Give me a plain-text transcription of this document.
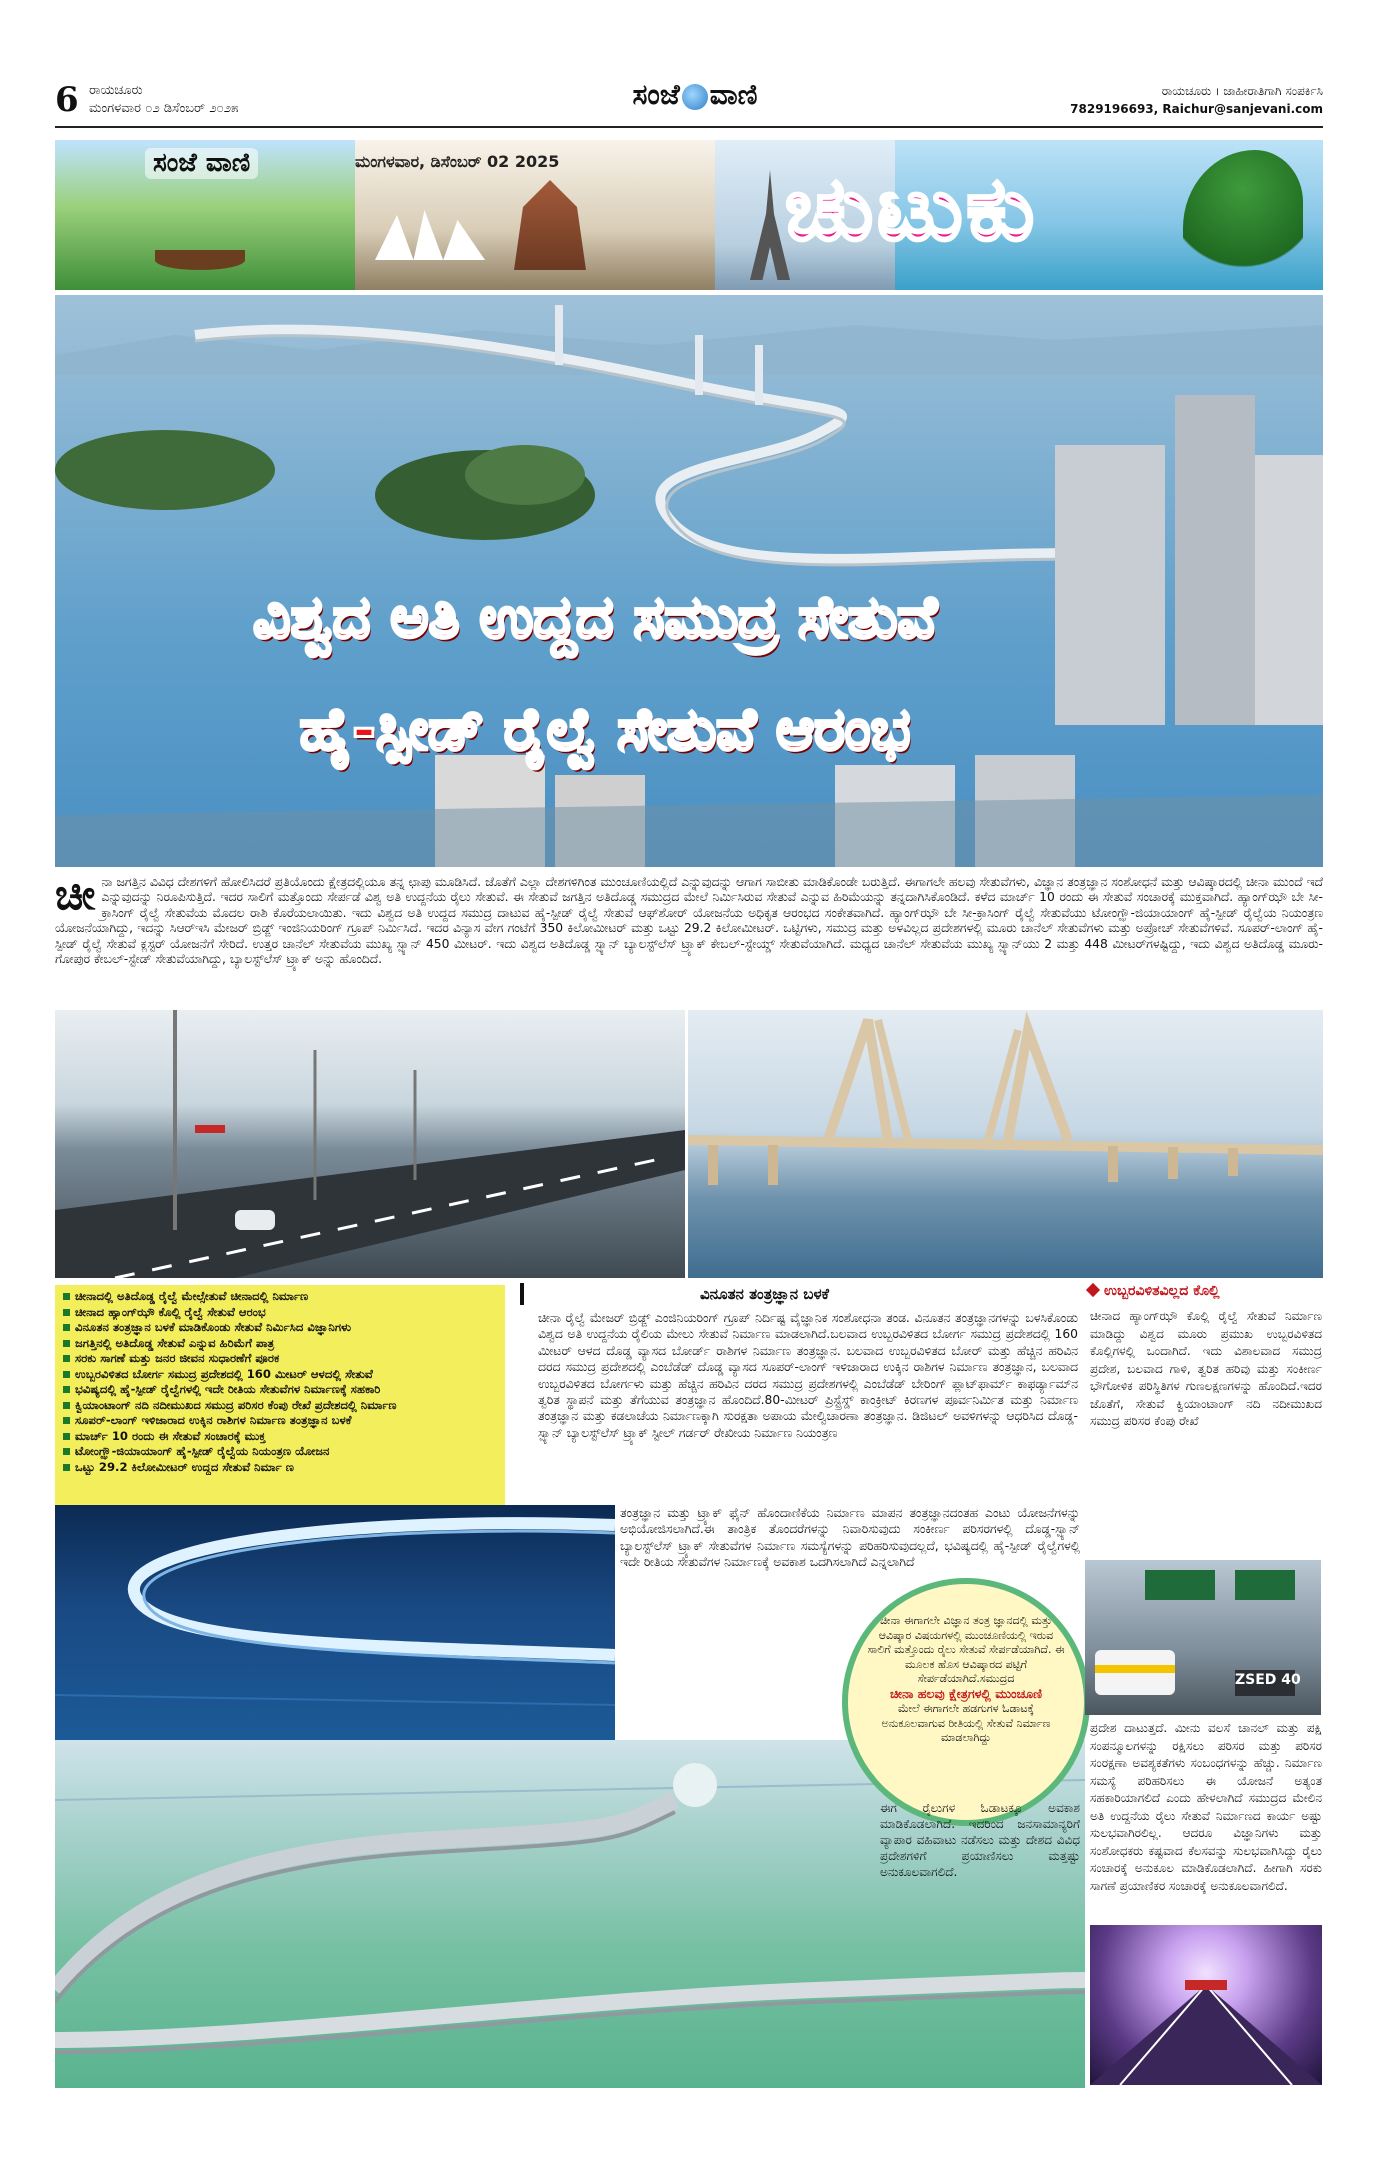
6 ರಾಯಚೂರು
ಮಂಗಳವಾರ ೦೨ ಡಿಸೆಂಬರ್ ೨೦೨೫	ಸಂಜೆ ವಾಣಿ	ರಾಯಚೂರು । ಜಾಹೀರಾತಿಗಾಗಿ ಸಂಪರ್ಕಿಸಿ
7829196693, Raichur@sanjevani.com
ಸಂಜೆ ವಾಣಿ	ಮಂಗಳವಾರ, ಡಿಸೆಂಬರ್ 02 2025	ಚುಟುಕು
ವಿಶ್ವದ ಅತಿ ಉದ್ದದ ಸಮುದ್ರ ಸೇತುವೆ
ಹೈ-ಸ್ಪೀಡ್ ರೈಲ್ವೆ ಸೇತುವೆ ಆರಂಭ
ಚೀ ನಾ ಜಗತ್ತಿನ ವಿವಿಧ ದೇಶಗಳಿಗೆ ಹೋಲಿಸಿದರೆ ಪ್ರತಿಯೊಂದು ಕ್ಷೇತ್ರದಲ್ಲಿಯೂ ತನ್ನ ಛಾಪು ಮೂಡಿಸಿದೆ. ಜೊತೆಗೆ ಎಲ್ಲಾ ದೇಶಗಳಿಗಿಂತ ಮುಂಚೂಣಿಯಲ್ಲಿದೆ ಎನ್ನುವುದನ್ನು ಆಗಾಗ ಸಾಬೀತು ಮಾಡಿಕೊಂಡೇ ಬರುತ್ತಿದೆ. ಈಗಾಗಲೇ ಹಲವು ಸೇತುವೆಗಳು, ವಿಜ್ಞಾನ ತಂತ್ರಜ್ಞಾನ ಸಂಶೋಧನೆ ಮತ್ತು ಆವಿಷ್ಕಾರದಲ್ಲಿ ಚೀನಾ ಮುಂದೆ ಇದೆ ಎನ್ನುವುದನ್ನು ನಿರೂಪಿಸುತ್ತಿದೆ. ಇದರ ಸಾಲಿಗೆ ಮತ್ತೊಂದು ಸೇರ್ಪಡೆ ವಿಶ್ವ ಅತಿ ಉದ್ದನೆಯ ರೈಲು ಸೇತುವೆ. ಈ ಸೇತುವೆ ಜಗತ್ತಿನ ಅತಿದೊಡ್ಡ ಸಮುದ್ರದ ಮೇಲೆ ನಿರ್ಮಿಸಿರುವ ಸೇತುವೆ ಎನ್ನುವ ಹಿರಿಮೆಯನ್ನು ತನ್ನದಾಗಿಸಿಕೊಂಡಿದೆ. ಕಳೆದ ಮಾರ್ಚ್ 10 ರಂದು ಈ ಸೇತುವೆ ಸಂಚಾರಕ್ಕೆ ಮುಕ್ತವಾಗಿದೆ. ಹ್ಯಾಂಗ್‌ಝೌ ಬೇ ಸೀ-ಕ್ರಾಸಿಂಗ್ ರೈಲ್ವೆ ಸೇತುವೆಯ ಮೊದಲ ರಾಶಿ ಕೊರೆಯಲಾಯಿತು. ಇದು ವಿಶ್ವದ ಅತಿ ಉದ್ದದ ಸಮುದ್ರ ದಾಟುವ ಹೈ-ಸ್ಪೀಡ್ ರೈಲ್ವೆ ಸೇತುವೆ ಆಫ್‌ಶೋರ್ ಯೋಜನೆಯ ಅಧಿಕೃತ ಆರಂಭದ ಸಂಕೇತವಾಗಿದೆ. ಹ್ಯಾಂಗ್‌ಝೌ ಬೇ ಸೀ-ಕ್ರಾಸಿಂಗ್ ರೈಲ್ವೆ ಸೇತುವೆಯು ಟೋಂಗ್ಝೌ-ಜಿಯಾಯಾಂಗ್ ಹೈ-ಸ್ಪೀಡ್ ರೈಲ್ವೆಯ ನಿಯಂತ್ರಣ ಯೋಜನೆಯಾಗಿದ್ದು, ಇದನ್ನು ಸಿಆರ್‌ಇಸಿ ಮೇಜರ್ ಬ್ರಿಡ್ಜ್ ಇಂಜಿನಿಯರಿಂಗ್ ಗ್ರೂಪ್ ನಿರ್ಮಿಸಿದೆ. ಇದರ ವಿನ್ಯಾಸ ವೇಗ ಗಂಟೆಗೆ 350 ಕಿಲೋಮೀಟರ್ ಮತ್ತು ಒಟ್ಟು 29.2 ಕಿಲೋಮೀಟರ್. ಒಟ್ಟಿಗಳು, ಸಮುದ್ರ ಮತ್ತು ಅಳವಿಲ್ಲದ ಪ್ರದೇಶಗಳಲ್ಲಿ ಮೂರು ಚಾನೆಲ್ ಸೇತುವೆಗಳು ಮತ್ತು ಅಪ್ರೋಚ್ ಸೇತುವೆಗಳಿವೆ. ಸೂಪರ್-ಲಾಂಗ್ ಹೈ-ಸ್ಪೀಡ್ ರೈಲ್ವೆ ಸೇತುವೆ ಕ್ಲಸ್ಟರ್ ಯೋಜನೆಗೆ ಸೇರಿದೆ. ಉತ್ತರ ಚಾನೆಲ್ ಸೇತುವೆಯ ಮುಖ್ಯ ಸ್ಪ್ಯಾನ್ 450 ಮೀಟರ್. ಇದು ವಿಶ್ವದ ಅತಿದೊಡ್ಡ ಸ್ಪ್ಯಾನ್ ಬ್ಯಾಲಸ್ಟ್‌ಲೆಸ್ ಟ್ರ್ಯಾಕ್ ಕೇಬಲ್-ಸ್ಟೇಯ್ಡ್ ಸೇತುವೆಯಾಗಿದೆ. ಮಧ್ಯದ ಚಾನೆಲ್ ಸೇತುವೆಯ ಮುಖ್ಯ ಸ್ಪ್ಯಾನ್‌ಯು 2 ಮತ್ತು 448 ಮೀಟರ್‌ಗಳಷ್ಟಿದ್ದು, ಇದು ವಿಶ್ವದ ಅತಿದೊಡ್ಡ ಮೂರು-ಗೋಪುರ ಕೇಬಲ್-ಸ್ಟೇಡ್ ಸೇತುವೆಯಾಗಿದ್ದು, ಬ್ಯಾಲಸ್ಟ್‌ಲೆಸ್ ಟ್ರ್ಯಾಕ್ ಅನ್ನು ಹೊಂದಿದೆ.
ಚೀನಾದಲ್ಲಿ ಅತಿದೊಡ್ಡ ರೈಲ್ವೆ ಮೇಲ್ಸೇತುವೆ ಚೀನಾದಲ್ಲಿ ನಿರ್ಮಾಣ
ಚೀನಾದ ಹ್ಯಾಂಗ್‌ಝೌ ಕೊಲ್ಲಿ ರೈಲ್ವೆ ಸೇತುವೆ ಆರಂಭ
ವಿನೂತನ ತಂತ್ರಜ್ಞಾನ ಬಳಕೆ ಮಾಡಿಕೊಂಡು ಸೇತುವೆ ನಿರ್ಮಿಸಿದ ವಿಜ್ಞಾನಿಗಳು
ಜಗತ್ತಿನಲ್ಲಿ ಅತಿದೊಡ್ಡ ಸೇತುವೆ ಎನ್ನುವ ಹಿರಿಮೆಗೆ ಪಾತ್ರ
ಸರಕು ಸಾಗಣೆ ಮತ್ತು ಜನರ ಜೀವನ ಸುಧಾರಣೆಗೆ ಪೂರಕ
ಉಬ್ಬರವಿಳಿತದ ಬೋರ್ಗ ಸಮುದ್ರ ಪ್ರದೇಶದಲ್ಲಿ 160 ಮೀಟರ್ ಆಳದಲ್ಲಿ ಸೇತುವೆ
ಭವಿಷ್ಯದಲ್ಲಿ ಹೈ-ಸ್ಪೀಡ್ ರೈಲ್ವೆಗಳಲ್ಲಿ ಇದೇ ರೀತಿಯ ಸೇತುವೆಗಳ ನಿರ್ಮಾಣಕ್ಕೆ ಸಹಕಾರಿ
ಕ್ವಿಯಾಂಟಾಂಗ್ ನದಿ ನದೀಮುಖದ ಸಮುದ್ರ ಪರಿಸರ ಕೆಂಪು ರೇಖೆ ಪ್ರದೇಶದಲ್ಲಿ ನಿರ್ಮಾಣ
ಸೂಪರ್-ಲಾಂಗ್ ಇಳಿಜಾರಾದ ಉಕ್ಕಿನ ರಾಶಿಗಳ ನಿರ್ಮಾಣ ತಂತ್ರಜ್ಞಾನ ಬಳಕೆ
ಮಾರ್ಚ್ 10 ರಂದು ಈ ಸೇತುವೆ ಸಂಚಾರಕ್ಕೆ ಮುಕ್ತ
ಟೋಂಗ್ಝೌ-ಜಿಯಾಯಾಂಗ್ ಹೈ-ಸ್ಪೀಡ್ ರೈಲ್ವೆಯ ನಿಯಂತ್ರಣ ಯೋಜನ
ಒಟ್ಟು 29.2 ಕಿಲೋಮೀಟರ್ ಉದ್ದದ ಸೇತುವೆ ನಿರ್ಮಾ ಣ
ವಿನೂತನ ತಂತ್ರಜ್ಞಾನ ಬಳಕೆ
ಚೀನಾ ರೈಲ್ವೆ ಮೇಜರ್ ಬ್ರಿಡ್ಜ್ ಎಂಜಿನಿಯರಿಂಗ್ ಗ್ರೂಪ್ ನಿರ್ದಿಷ್ಟ ವೈಜ್ಞಾನಿಕ ಸಂಶೋಧನಾ ತಂಡ. ವಿನೂತನ ತಂತ್ರಜ್ಞಾನಗಳನ್ನು ಬಳಸಿಕೊಂಡು ವಿಶ್ವದ ಅತಿ ಉದ್ದನೆಯ ರೈಲಿಯ ಮೇಲು ಸೇತುವೆ ನಿರ್ಮಾಣ ಮಾಡಲಾಗಿದೆ.ಬಲವಾದ ಉಬ್ಬರವಿಳಿತದ ಬೋರ್ಗ ಸಮುದ್ರ ಪ್ರದೇಶದಲ್ಲಿ 160 ಮೀಟರ್ ಆಳದ ದೊಡ್ಡ ವ್ಯಾಸದ ಬೋರ್ಡ್ ರಾಶಿಗಳ ನಿರ್ಮಾಣ ತಂತ್ರಜ್ಞಾನ. ಬಲವಾದ ಉಬ್ಬರವಿಳಿತದ ಬೋರ್ ಮತ್ತು ಹೆಚ್ಚಿನ ಹರಿವಿನ ದರದ ಸಮುದ್ರ ಪ್ರದೇಶದಲ್ಲಿ ಎಂಬೆಡೆಡ್ ದೊಡ್ಡ ವ್ಯಾಸದ ಸೂಪರ್-ಲಾಂಗ್ ಇಳಿಜಾರಾದ ಉಕ್ಕಿನ ರಾಶಿಗಳ ನಿರ್ಮಾಣ ತಂತ್ರಜ್ಞಾನ, ಬಲವಾದ ಉಬ್ಬರವಿಳಿತದ ಬೋರ್ಗಳು ಮತ್ತು ಹೆಚ್ಚಿನ ಹರಿವಿನ ದರದ ಸಮುದ್ರ ಪ್ರದೇಶಗಳಲ್ಲಿ ಎಂಬೆಡೆಡ್ ಬೇರಿಂಗ್ ಪ್ಲಾಟ್‌ಫಾರ್ಮ್ ಕಾಫರ್ಡ್ಯಾಮ್‌ನ ತ್ವರಿತ ಸ್ಥಾಪನೆ ಮತ್ತು ತೆಗೆಯುವ ತಂತ್ರಜ್ಞಾನ ಹೊಂದಿದೆ.80-ಮೀಟರ್ ಪ್ರಿಸ್ಟ್ರೆಸ್ಡ್ ಕಾಂಕ್ರೀಟ್ ಕಿರಣಗಳ ಪೂರ್ವನಿರ್ಮಿತ ಮತ್ತು ನಿರ್ಮಾಣ ತಂತ್ರಜ್ಞಾನ ಮತ್ತು ಕಡಲಾಚೆಯ ನಿರ್ಮಾಣಕ್ಕಾಗಿ ಸುರಕ್ಷತಾ ಅಪಾಯ ಮೇಲ್ವಿಚಾರಣಾ ತಂತ್ರಜ್ಞಾನ. ಡಿಜಿಟಲ್ ಅವಳಿಗಳನ್ನು ಆಧರಿಸಿದ ದೊಡ್ಡ-ಸ್ಪ್ಯಾನ್ ಬ್ಯಾಲಸ್ಟ್‌ಲೆಸ್ ಟ್ರ್ಯಾಕ್ ಸ್ಟೀಲ್ ಗರ್ಡರ್ ರೇಖೀಯ ನಿರ್ಮಾಣ ನಿಯಂತ್ರಣ
ತಂತ್ರಜ್ಞಾನ ಮತ್ತು ಟ್ರ್ಯಾಕ್ ಫೈನ್ ಹೊಂದಾಣಿಕೆಯ ನಿರ್ಮಾಣ ಮಾಪನ ತಂತ್ರಜ್ಞಾನದಂತಹ ಎಂಟು ಯೋಜನೆಗಳನ್ನು ಅಭಿಯೋಜಿಸಲಾಗಿದೆ.ಈ ತಾಂತ್ರಿಕ ತೊಂದರೆಗಳನ್ನು ನಿವಾರಿಸುವುದು ಸಂಕೀರ್ಣ ಪರಿಸರಗಳಲ್ಲಿ ದೊಡ್ಡ-ಸ್ಪ್ಯಾನ್ ಬ್ಯಾಲಸ್ಟ್‌ಲೆಸ್ ಟ್ರ್ಯಾಕ್ ಸೇತುವೆಗಳ ನಿರ್ಮಾಣ ಸಮಸ್ಯೆಗಳನ್ನು ಪರಿಹರಿಸುವುದಲ್ಲದೆ, ಭವಿಷ್ಯದಲ್ಲಿ ಹೈ-ಸ್ಪೀಡ್ ರೈಲ್ವೆಗಳಲ್ಲಿ ಇದೇ ರೀತಿಯ ಸೇತುವೆಗಳ ನಿರ್ಮಾಣಕ್ಕೆ ಅವಕಾಶ ಒದಗಿಸಲಾಗಿದೆ ಎನ್ನಲಾಗಿದೆ
ಚೀನಾ ಈಗಾಗಲೇ ವಿಜ್ಞಾನ ತಂತ್ರ ಜ್ಞಾನದಲ್ಲಿ ಮತ್ತು ಆವಿಷ್ಕಾರ ವಿಷಯಗಳಲ್ಲಿ ಮುಂಚೂಣಿಯಲ್ಲಿ ಇರುವ ಸಾಲಿಗೆ ಮತ್ತೊಂದು ರೈಲು ಸೇತುವೆ ಸೇರ್ಪಡೆಯಾಗಿದೆ. ಈ ಮೂಲಕ ಹೊಸ ಆವಿಷ್ಕಾರದ ಪಟ್ಟಿಗೆ ಸೇರ್ಪಡೆಯಾಗಿದೆ.ಸಮುದ್ರದ
ಚೀನಾ ಹಲವು ಕ್ಷೇತ್ರಗಳಲ್ಲಿ ಮುಂಚೂಣಿ
ಮೇಲೆ ಈಗಾಗಲೇ ಹಡಗುಗಳ ಓಡಾಟಕ್ಕೆ ಅನುಕೂಲವಾಗುವ ರೀತಿಯಲ್ಲಿ ಸೇತುವೆ ನಿರ್ಮಾಣ ಮಾಡಲಾಗಿದ್ದು
ಈಗ ರೈಲುಗಳ ಓಡಾಟಕ್ಕೂ ಅವಕಾಶ ಮಾಡಿಕೊಡಲಾಗಿದೆ. ಇದರಿಂದ ಜನಸಾಮಾನ್ಯರಿಗೆ ವ್ಯಾಪಾರ ವಹಿವಾಟು ನಡೆಸಲು ಮತ್ತು ದೇಶದ ವಿವಿಧ ಪ್ರದೇಶಗಳಿಗೆ ಪ್ರಯಾಣಿಸಲು ಮತ್ತಷ್ಟು ಅನುಕೂಲವಾಗಲಿದೆ.
ಉಬ್ಬರವಿಳಿತವಿಲ್ಲದ ಕೊಲ್ಲಿ
ಚೀನಾದ ಹ್ಯಾಂಗ್‌ಝೌ ಕೊಲ್ಲಿ ರೈಲ್ವೆ ಸೇತುವೆ ನಿರ್ಮಾಣ ಮಾಡಿದ್ದು ವಿಶ್ವದ ಮೂರು ಪ್ರಮುಖ ಉಬ್ಬರವಿಳಿತದ ಕೊಲ್ಲಿಗಳಲ್ಲಿ ಒಂದಾಗಿದೆ. ಇದು ವಿಶಾಲವಾದ ಸಮುದ್ರ ಪ್ರದೇಶ, ಬಲವಾದ ಗಾಳಿ, ತ್ವರಿತ ಹರಿವು ಮತ್ತು ಸಂಕೀರ್ಣ ಭೌಗೋಳಿಕ ಪರಿಸ್ಥಿತಿಗಳ ಗುಣಲಕ್ಷಣಗಳನ್ನು ಹೊಂದಿದೆ.ಇದರ ಜೊತೆಗೆ, ಸೇತುವೆ ಕ್ವಿಯಾಂಟಾಂಗ್ ನದಿ ನದೀಮುಖದ ಸಮುದ್ರ ಪರಿಸರ ಕೆಂಪು ರೇಖೆ
ZSED 40
ಪ್ರದೇಶ ದಾಟುತ್ತದೆ. ಮೀನು ವಲಸೆ ಚಾನಲ್ ಮತ್ತು ಪಕ್ಷಿ ಸಂಪನ್ಮೂಲಗಳನ್ನು ರಕ್ಷಿಸಲು ಪರಿಸರ ಮತ್ತು ಪರಿಸರ ಸಂರಕ್ಷಣಾ ಅವಶ್ಯಕತೆಗಳು ಸಂಬಂಧಗಳನ್ನು ಹೆಚ್ಚು. ನಿರ್ಮಾಣ ಸಮಸ್ಯೆ ಪರಿಹರಿಸಲು ಈ ಯೋಜನೆ ಅತ್ಯಂತ ಸಹಕಾರಿಯಾಗಲಿದೆ ಎಂದು ಹೇಳಲಾಗಿದೆ ಸಮುದ್ರದ ಮೇಲಿನ ಅತಿ ಉದ್ದನೆಯ ರೈಲು ಸೇತುವೆ ನಿರ್ಮಾಣದ ಕಾರ್ಯ ಅಷ್ಟು ಸುಲಭವಾಗಿರಲಿಲ್ಲ. ಆದರೂ ವಿಜ್ಞಾನಿಗಳು ಮತ್ತು ಸಂಶೋಧಕರು ಕಷ್ಟವಾದ ಕೆಲಸವನ್ನು ಸುಲಭವಾಗಿಸಿದ್ದು ರೈಲು ಸಂಚಾರಕ್ಕೆ ಅನುಕೂಲ ಮಾಡಿಕೊಡಲಾಗಿದೆ. ಹೀಗಾಗಿ ಸರಕು ಸಾಗಣೆ ಪ್ರಯಾಣಿಕರ ಸಂಚಾರಕ್ಕೆ ಅನುಕೂಲವಾಗಲಿದೆ.
